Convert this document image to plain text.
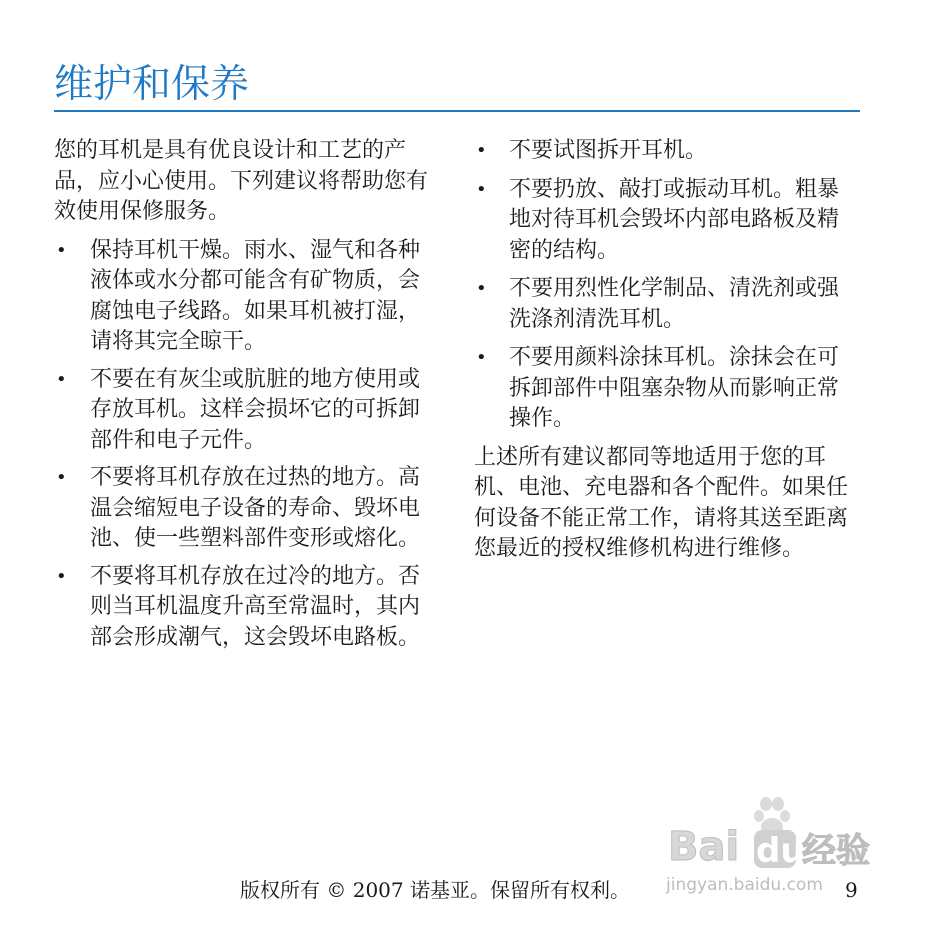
维护和保养

您的耳机是具有优良设计和工艺的产品，应小心使用。下列建议将帮助您有效使用保修服务。

• 保持耳机干燥。雨水、湿气和各种液体或水分都可能含有矿物质，会腐蚀电子线路。如果耳机被打湿，请将其完全晾干。
• 不要在有灰尘或肮脏的地方使用或存放耳机。这样会损坏它的可拆卸部件和电子元件。
• 不要将耳机存放在过热的地方。高温会缩短电子设备的寿命、毁坏电池、使一些塑料部件变形或熔化。
• 不要将耳机存放在过冷的地方。否则当耳机温度升高至常温时，其内部会形成潮气，这会毁坏电路板。
• 不要试图拆开耳机。
• 不要扔放、敲打或振动耳机。粗暴地对待耳机会毁坏内部电路板及精密的结构。
• 不要用烈性化学制品、清洗剂或强洗涤剂清洗耳机。
• 不要用颜料涂抹耳机。涂抹会在可拆卸部件中阻塞杂物从而影响正常操作。

上述所有建议都同等地适用于您的耳机、电池、充电器和各个配件。如果任何设备不能正常工作，请将其送至距离您最近的授权维修机构进行维修。

Bai du
经验
jingyan.baidu.com
版权所有 © 2007 诺基亚。保留所有权利。	9
